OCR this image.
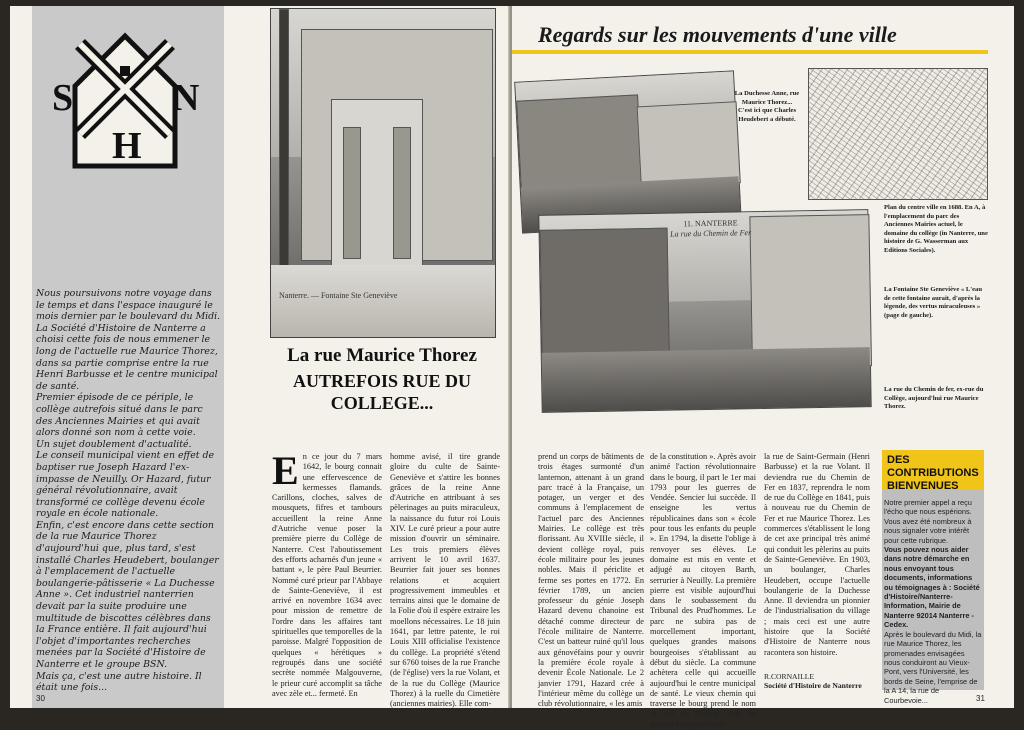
S	N
H
Nanterre. — Fontaine Ste Geneviève

Nous poursuivons notre voyage dans le temps et dans l'espace inauguré le mois dernier par le boulevard du Midi.

La Société d'Histoire de Nanterre a choisi cette fois de nous emmener le long de l'actuelle rue Maurice Thorez, dans sa partie comprise entre la rue Henri Barbusse et le centre municipal de santé.

Premier épisode de ce périple, le collège autrefois situé dans le parc des Anciennes Mairies et qui avait alors donné son nom à cette voie.

Un sujet doublement d'actualité.

Le conseil municipal vient en effet de baptiser rue Joseph Hazard l'ex-impasse de Neuilly. Or Hazard, futur général révolutionnaire, avait transformé ce collège devenu école royale en école nationale.

Enfin, c'est encore dans cette section de la rue Maurice Thorez d'aujourd'hui que, plus tard, s'est installé Charles Heudebert, boulanger à l'emplacement de l'actuelle boulangerie-pâtisserie « La Duchesse Anne ». Cet industriel nanterrien devait par la suite produire une multitude de biscottes célèbres dans la France entière. Il fait aujourd'hui l'objet d'importantes recherches menées par la Société d'Histoire de Nanterre et le groupe BSN.

Mais ça, c'est une autre histoire. Il était une fois...

La rue Maurice Thorez
AUTREFOIS RUE DU COLLEGE...
E n ce jour du 7 mars 1642, le bourg connait une effervescence de kermesses flamands. Carillons, cloches, salves de mousquets, fifres et tambours accueillent la reine Anne d'Autriche venue poser la première pierre du Collège de Nanterre. C'est l'aboutissement des efforts acharnés d'un jeune « battant », le père Paul Beurrier. Nommé curé prieur par l'Abbaye de Sainte-Geneviève, il est arrivé en novembre 1634 avec pour mission de remettre de l'ordre dans les affaires tant spirituelles que temporelles de la paroisse. Malgré l'opposition de quelques « hérétiques » regroupés dans une société secrète nommée Malgouverne, le prieur curé accomplit sa tâche avec zèle et... fermeté. En

homme avisé, il tire grande gloire du culte de Sainte-Geneviève et s'attire les bonnes grâces de la reine Anne d'Autriche en attribuant à ses pèlerinages au puits miraculeux, la naissance du futur roi Louis XIV. Le curé prieur a pour autre mission d'ouvrir un séminaire. Les trois premiers élèves arrivent le 10 avril 1637. Beurrier fait jouer ses bonnes relations et acquiert progressivement immeubles et terrains ainsi que le domaine de la Folie d'où il espère extraire les moellons nécessaires. Le 18 juin 1641, par lettre patente, le roi Louis XIII officialise l'existence du collège. La propriété s'étend sur 6760 toises de la rue Franche (de l'église) vers la rue Volant, et de la rue du Collège (Maurice Thorez) à la ruelle du Cimetière (anciennes mairies). Elle com-

30
Regards sur les mouvements d'une ville

La Duchesse Anne, rue Maurice Thorez... C'est ici que Charles Heudebert a débuté.

11. NANTERRE
La rue du Chemin de Fer

Plan du centre ville en 1688. En A, à l'emplacement du parc des Anciennes Mairies actuel, le domaine du collège (in Nanterre, une histoire de G. Wasserman aux Editions Sociales).

La Fontaine Ste Geneviève « L'eau de cette fontaine aurait, d'après la légende, des vertus miraculeuses » (page de gauche).

La rue du Chemin de fer, ex-rue du Collège, aujourd'hui rue Maurice Thorez.

prend un corps de bâtiments de trois étages surmonté d'un lanternon, attenant à un grand parc tracé à la Française, un potager, un verger et des communs à l'emplacement de l'actuel parc des Anciennes Mairies. Le collège est très florissant. Au XVIIIe siècle, il devient collège royal, puis école militaire pour les jeunes nobles. Mais il périclite et ferme ses portes en 1772. En février 1789, un ancien professeur du génie Joseph Hazard devenu chanoine est détaché comme directeur de l'école militaire de Nanterre. C'est un batteur ruiné qu'il lous aux génovéfains pour y ouvrir la première école royale à devenir École Nationale. Le 2 janvier 1791, Hazard crée à l'intérieur même du collège un club révolutionnaire, « les amis

de la constitution ». Après avoir animé l'action révolutionnaire dans le bourg, il part le 1er mai 1793 pour les guerres de Vendée. Sencier lui succède. Il enseigne les vertus républicaines dans son « école pour tous les enfants du peuple ». En 1794, la disette l'oblige à renvoyer ses élèves. Le domaine est mis en vente et adjugé au citoyen Barth, serrurier à Neuilly. La première pierre est visible aujourd'hui dans le soubassement du Tribunal des Prud'hommes. Le parc ne subira pas de morcellement important, quelques grandes maisons bourgeoises s'établissant au début du siècle. La commune achètera celle qui accueille aujourd'hui le centre municipal de santé. Le vieux chemin qui traverse le bourg prend le nom de rue du Collège dans sa section comprise entre

la rue de Saint-Germain (Henri Barbusse) et la rue Volant. Il deviendra rue du Chemin de Fer en 1837, reprendra le nom de rue du Collège en 1841, puis à nouveau rue du Chemin de Fer et rue Maurice Thorez. Les commerces s'établissent le long de cet axe principal très animé qui conduit les pèlerins au puits de Sainte-Geneviève. En 1903, un boulanger, Charles Heudebert, occupe l'actuelle boulangerie de la Duchesse Anne. Il deviendra un pionnier de l'industrialisation du village ; mais ceci est une autre histoire que la Société d'Histoire de Nanterre nous racontera son histoire.

R.CORNAILLE
Société d'Histoire de Nanterre
DES CONTRIBUTIONS BIENVENUES

Notre premier appel a reçu l'écho que nous espérions. Vous avez été nombreux à nous signaler votre intérêt pour cette rubrique.

Vous pouvez nous aider dans notre démarche en nous envoyant tous documents, informations ou témoignages à : Société d'Histoire/Nanterre-Information, Mairie de Nanterre 92014 Nanterre - Cedex.

Après le boulevard du Midi, la rue Maurice Thorez, les promenades envisagées nous conduiront au Vieux-Pont, vers l'Université, les bords de Seine, l'emprise de la A 14, la rue de Courbevoie...	31
